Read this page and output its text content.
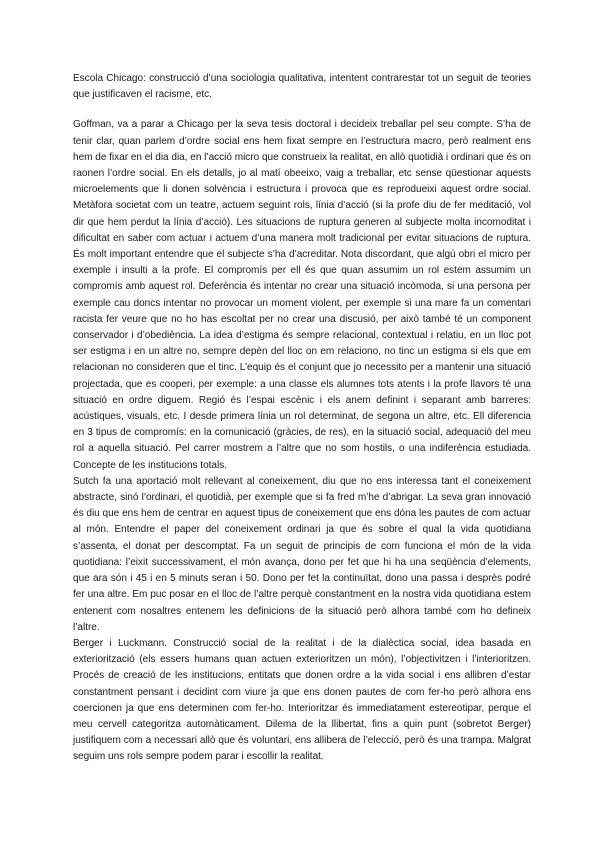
Escola Chicago: construcció d’una sociologia qualitativa, intentent contrarestar tot un seguit de teories que justificaven el racisme, etc.

Goffman, va a parar a Chicago per la seva tesis doctoral i decideix treballar pel seu compte. S’ha de tenir clar, quan parlem d’ordre social ens hem fixat sempre en l’estructura macro, però realment ens hem de fixar en el dia dia, en l’acció micro que construeix la realitat, en allò quotidià i ordinari que és on raonen l’ordre social. En els detalls, jo al matí obeeixo, vaig a treballar, etc sense qüestionar aquests microelements que li donen solvència i estructura i provoca que es reprodueixi aquest ordre social. Metàfora societat com un teatre, actuem seguint rols, línia d’acció (si la profe diu de fer meditació, vol dir que hem perdut la línia d’acció). Les situacions de ruptura generen al subjecte molta incomoditat i dificultat en saber com actuar i actuem d’una manera molt tradicional per evitar situacions de ruptura. És molt important entendre que el subjecte s’ha d’acreditar. Nota discordant, que algú obri el micro per exemple i insulti a la profe. El compromís per ell és que quan assumim un rol estem assumim un compromís amb aquest rol. Deferència és intentar no crear una situació incòmoda, si una persona per exemple cau doncs intentar no provocar un moment violent, per exemple si una mare fa un comentari racista fer veure que no ho has escoltat per no crear una discusió, per això també té un component conservador i d’obediència. La idea d’estigma és sempre relacional, contextual i relatiu, en un lloc pot ser estigma i en un altre no, sempre depèn del lloc on em relaciono, no tinc un estigma si els que em relacionan no consideren que el tinc. L’equip és el conjunt que jo necessito per a mantenir una situació projectada, que es cooperi, per exemple: a una classe els alumnes tots atents i la profe llavors té una situació en ordre diguem. Regió és l’espai escènic i els anem definint i separant amb barreres: acústiques, visuals, etc. I desde primera línia un rol determinat, de segona un altre, etc. Ell diferencia en 3 tipus de compromís: en la comunicació (gràcies, de res), en la situació social, adequació del meu rol a aquella situació. Pel carrer mostrem a l’altre que no som hostils, o una indiferència estudiada. Concepte de les institucions totals.

Sutch fa una aportació molt rellevant al coneixement, diu que no ens interessa tant el coneixement abstracte, sinó l’ordinari, el quotidià, per exemple que si fa fred m’he d’abrigar. La seva gran innovació és diu que ens hem de centrar en aquest tipus de coneixement que ens dóna les pautes de com actuar al món. Entendre el paper del coneixement ordinari ja que és sobre el qual la vida quotidiana s’assenta, el donat per descomptat. Fa un seguit de principis de com funciona el món de la vida quotidiana: l’eixit successivament, el món avança, dono per fet que hi ha una seqüència d’elements, que ara són i 45 i en 5 minuts seran i 50. Dono per fet la continuïtat, dono una passa i desprès podré fer una altre. Em puc posar en el lloc de l’altre perquè constantment en la nostra vida quotidiana estem entenent com nosaltres entenem les definicions de la situació però alhora també com ho defineix l’altre.

Berger i Luckmann. Construcció social de la realitat i de la dialèctica social, idea basada en exteriorització (els essers humans quan actuen exterioritzen un món), l’objectivitzen i l’interioritzen. Procés de creació de les institucions, entitats que donen ordre a la vida social i ens allibren d’estar constantment pensant i decidint com viure ja que ens donen pautes de com fer-ho però alhora ens coercionen ja que ens determinen com fer-ho. Interioritzar és immediatament estereotipar, perque el meu cervell categoritza automàticament. Dilema de la llibertat, fins a quin punt (sobretot Berger) justifiquem com a necessari allò que és voluntari, ens allibera de l’elecció, però és una trampa. Malgrat seguim uns rols sempre podem parar i escollir la realitat.
